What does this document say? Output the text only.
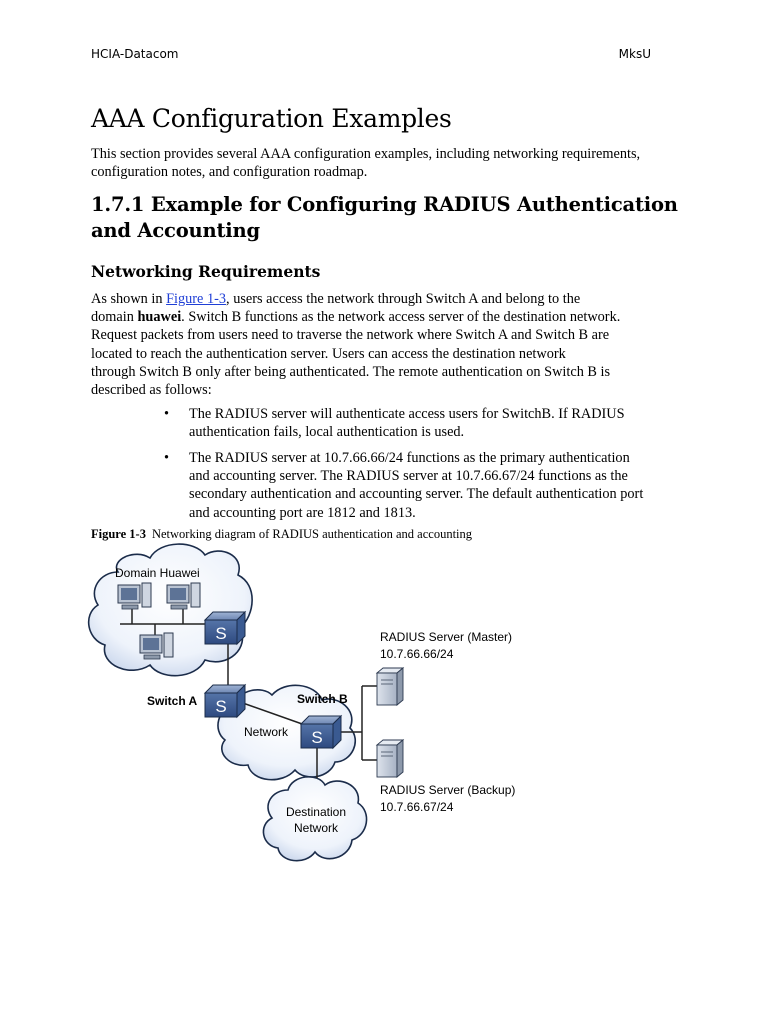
HCIA-Datacom	MksU
AAA Configuration Examples

This section provides several AAA configuration examples, including networking requirements, configuration notes, and configuration roadmap.

1.7.1 Example for Configuring RADIUS Authentication and Accounting
Networking Requirements
As shown in Figure 1-3, users access the network through Switch A and belong to the
domain huawei. Switch B functions as the network access server of the destination network.
Request packets from users need to traverse the network where Switch A and Switch B are
located to reach the authentication server. Users can access the destination network
through Switch B only after being authenticated. The remote authentication on Switch B is
described as follows:
• The RADIUS server will authenticate access users for SwitchB. If RADIUS
authentication fails, local authentication is used.
• The RADIUS server at 10.7.66.66/24 functions as the primary authentication
and accounting server. The RADIUS server at 10.7.66.67/24 functions as the
secondary authentication and accounting server. The default authentication port
and accounting port are 1812 and 1813.
Figure 1-3 Networking diagram of RADIUS authentication and accounting
S
S
S
Domain Huawei
Switch A	Switch B
Network
Destination
Network
RADIUS Server (Master)
10.7.66.66/24
RADIUS Server (Backup)
10.7.66.67/24
